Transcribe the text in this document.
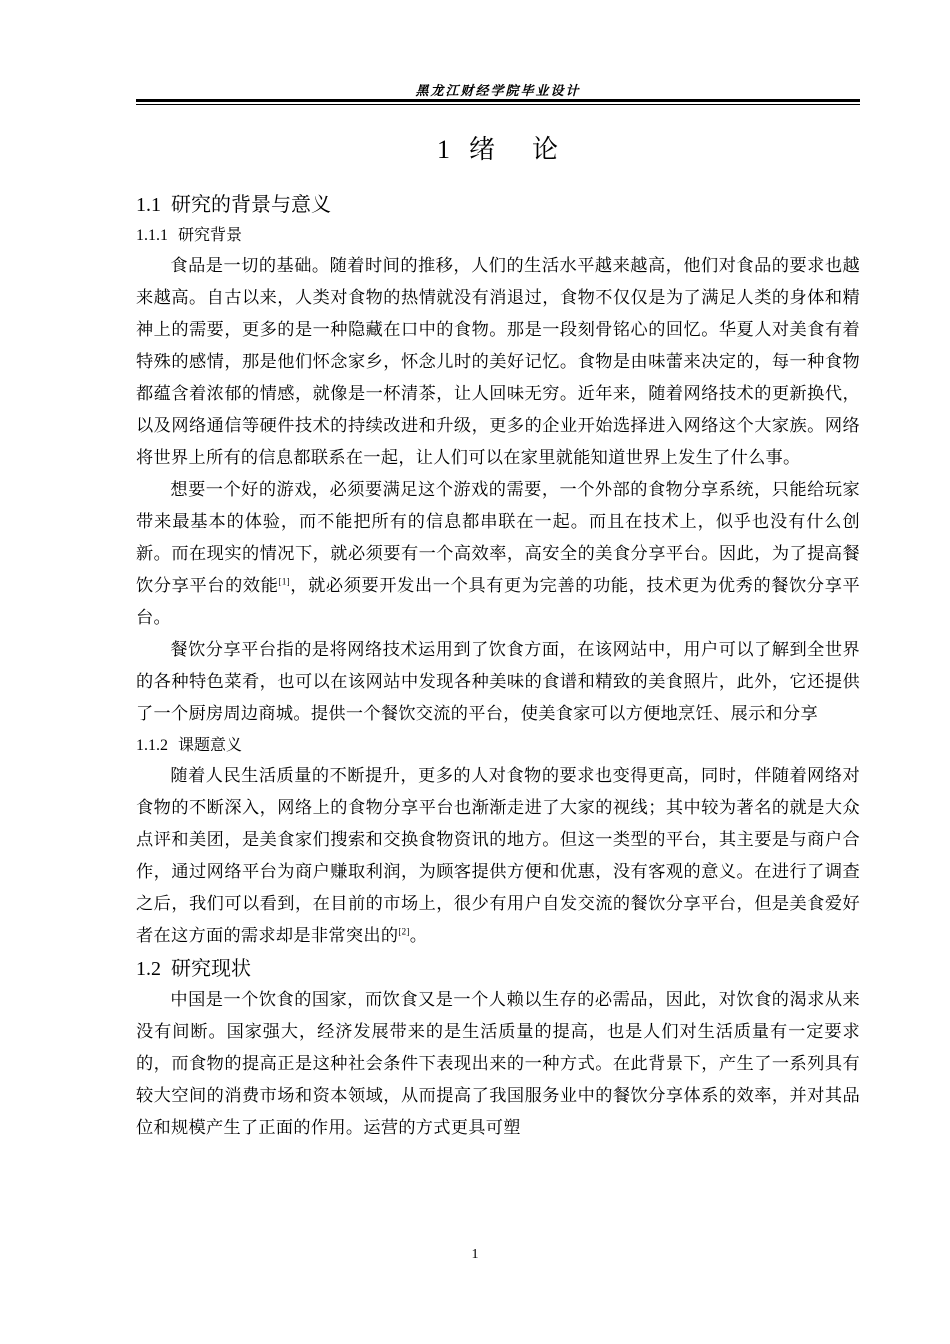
黑龙江财经学院毕业设计
1 绪 论
1.1 研究的背景与意义
1.1.1 研究背景

食品是一切的基础。随着时间的推移，人们的生活水平越来越高，他们对食品的要求也越来越高。自古以来，人类对食物的热情就没有消退过，食物不仅仅是为了满足人类的身体和精神上的需要，更多的是一种隐藏在口中的食物。那是一段刻骨铭心的回忆。华夏人对美食有着特殊的感情，那是他们怀念家乡，怀念儿时的美好记忆。食物是由味蕾来决定的，每一种食物都蕴含着浓郁的情感，就像是一杯清茶，让人回味无穷。近年来，随着网络技术的更新换代，以及网络通信等硬件技术的持续改进和升级，更多的企业开始选择进入网络这个大家族。网络将世界上所有的信息都联系在一起，让人们可以在家里就能知道世界上发生了什么事。

想要一个好的游戏，必须要满足这个游戏的需要，一个外部的食物分享系统，只能给玩家带来最基本的体验，而不能把所有的信息都串联在一起。而且在技术上，似乎也没有什么创新。而在现实的情况下，就必须要有一个高效率，高安全的美食分享平台。因此，为了提高餐饮分享平台的效能[1]，就必须要开发出一个具有更为完善的功能，技术更为优秀的餐饮分享平台。

餐饮分享平台指的是将网络技术运用到了饮食方面，在该网站中，用户可以了解到全世界的各种特色菜肴，也可以在该网站中发现各种美味的食谱和精致的美食照片，此外，它还提供了一个厨房周边商城。提供一个餐饮交流的平台，使美食家可以方便地烹饪、展示和分享

1.1.2 课题意义

随着人民生活质量的不断提升，更多的人对食物的要求也变得更高，同时，伴随着网络对食物的不断深入，网络上的食物分享平台也渐渐走进了大家的视线；其中较为著名的就是大众点评和美团，是美食家们搜索和交换食物资讯的地方。但这一类型的平台，其主要是与商户合作，通过网络平台为商户赚取利润，为顾客提供方便和优惠，没有客观的意义。在进行了调查之后，我们可以看到，在目前的市场上，很少有用户自发交流的餐饮分享平台，但是美食爱好者在这方面的需求却是非常突出的[2]。

1.2 研究现状

中国是一个饮食的国家，而饮食又是一个人赖以生存的必需品，因此，对饮食的渴求从来没有间断。国家强大，经济发展带来的是生活质量的提高，也是人们对生活质量有一定要求的，而食物的提高正是这种社会条件下表现出来的一种方式。在此背景下，产生了一系列具有较大空间的消费市场和资本领域，从而提高了我国服务业中的餐饮分享体系的效率，并对其品位和规模产生了正面的作用。运营的方式更具可塑

1
